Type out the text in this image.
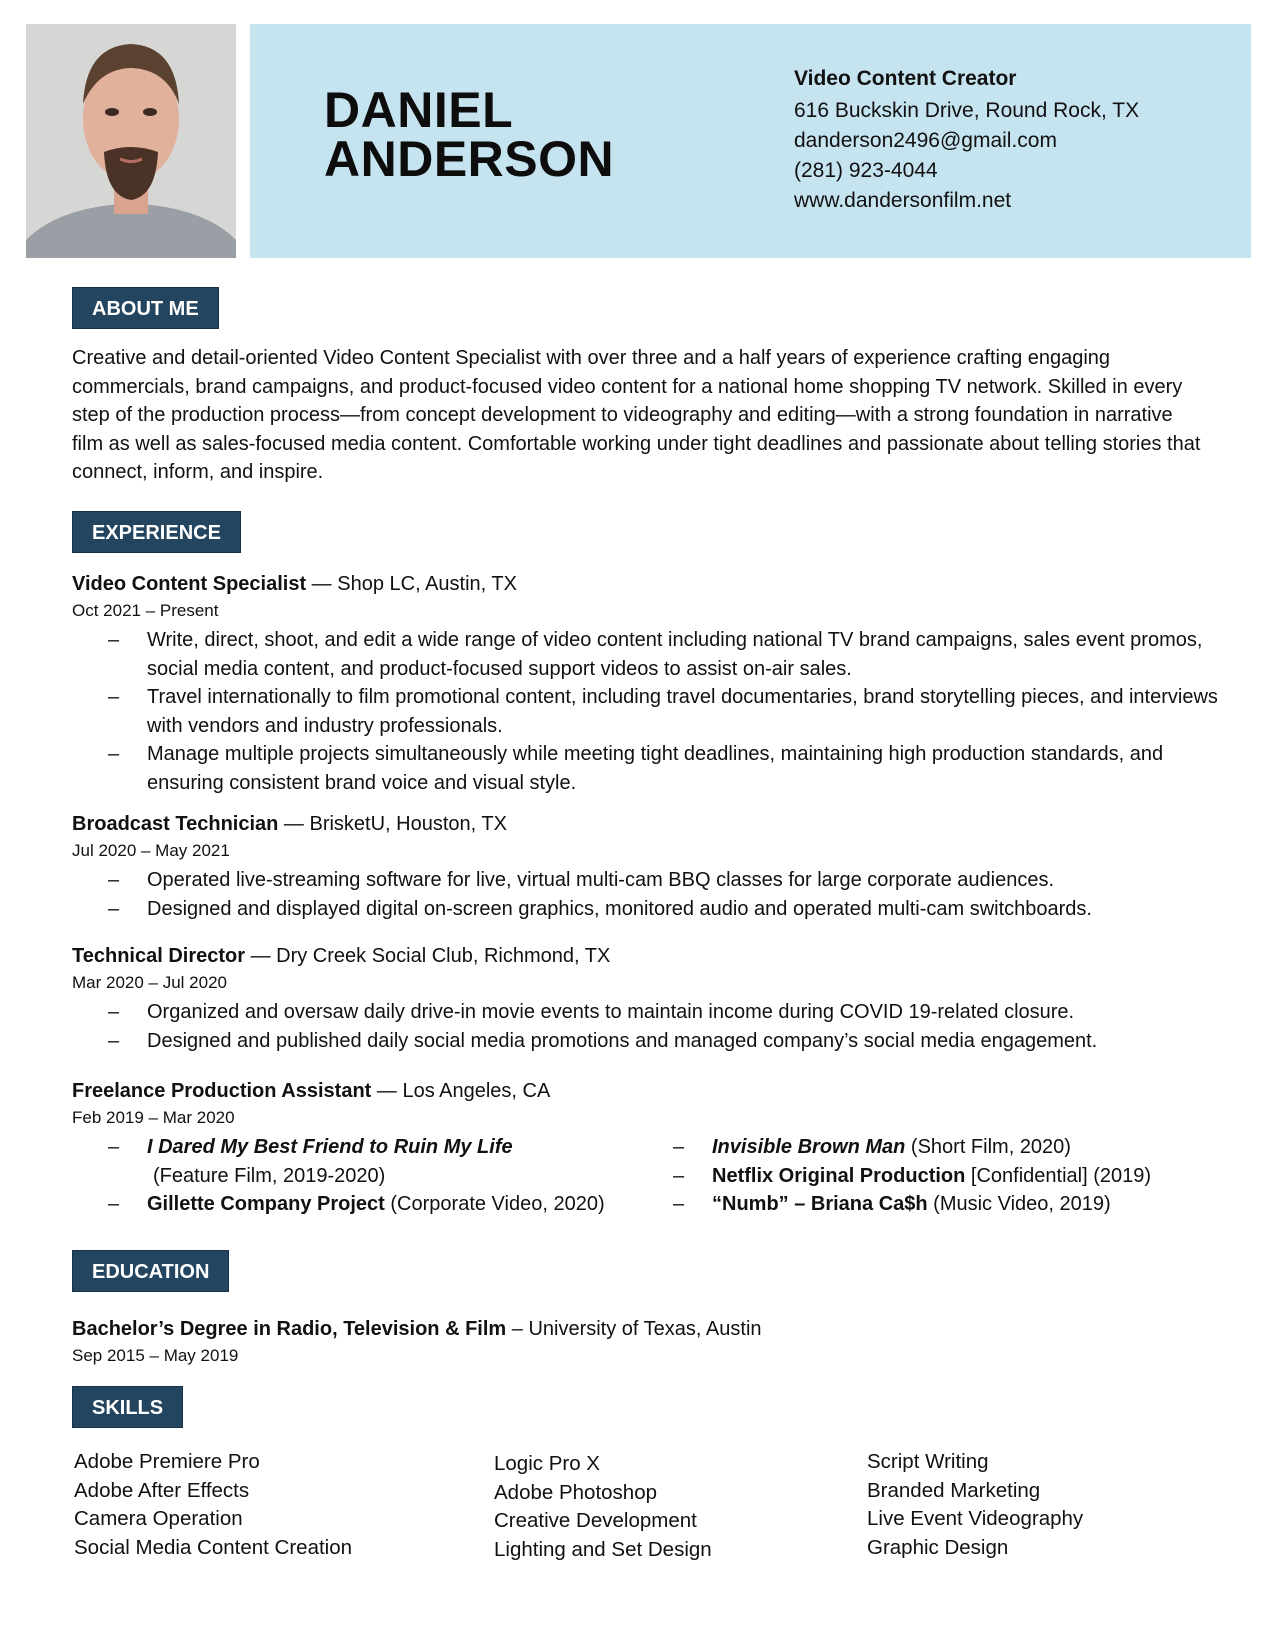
DANIEL
ANDERSON
Video Content Creator
616 Buckskin Drive, Round Rock, TX
danderson2496@gmail.com
(281) 923-4044
www.dandersonfilm.net
ABOUT ME

Creative and detail-oriented Video Content Specialist with over three and a half years of experience crafting engaging commercials, brand campaigns, and product-focused video content for a national home shopping TV network. Skilled in every step of the production process—from concept development to videography and editing—with a strong foundation in narrative film as well as sales-focused media content. Comfortable working under tight deadlines and passionate about telling stories that connect, inform, and inspire.

EXPERIENCE
Video Content Specialist — Shop LC, Austin, TX
Oct 2021 – Present
– Write, direct, shoot, and edit a wide range of video content including national TV brand campaigns, sales event promos, social media content, and product-focused support videos to assist on-air sales.
– Travel internationally to film promotional content, including travel documentaries, brand storytelling pieces, and interviews with vendors and industry professionals.
– Manage multiple projects simultaneously while meeting tight deadlines, maintaining high production standards, and ensuring consistent brand voice and visual style.
Broadcast Technician — BrisketU, Houston, TX
Jul 2020 – May 2021
– Operated live-streaming software for live, virtual multi-cam BBQ classes for large corporate audiences.
– Designed and displayed digital on-screen graphics, monitored audio and operated multi-cam switchboards.
Technical Director — Dry Creek Social Club, Richmond, TX
Mar 2020 – Jul 2020
– Organized and oversaw daily drive-in movie events to maintain income during COVID 19-related closure.
– Designed and published daily social media promotions and managed company’s social media engagement.
Freelance Production Assistant — Los Angeles, CA
Feb 2019 – Mar 2020
– I Dared My Best Friend to Ruin My Life
(Feature Film, 2019-2020)
– Gillette Company Project (Corporate Video, 2020)
– Invisible Brown Man (Short Film, 2020)
– Netflix Original Production [Confidential] (2019)
– “Numb” – Briana Ca$h (Music Video, 2019)
EDUCATION
Bachelor’s Degree in Radio, Television & Film – University of Texas, Austin
Sep 2015 – May 2019
SKILLS
Adobe Premiere Pro
Adobe After Effects
Camera Operation
Social Media Content Creation
Logic Pro X
Adobe Photoshop
Creative Development
Lighting and Set Design
Script Writing
Branded Marketing
Live Event Videography
Graphic Design
